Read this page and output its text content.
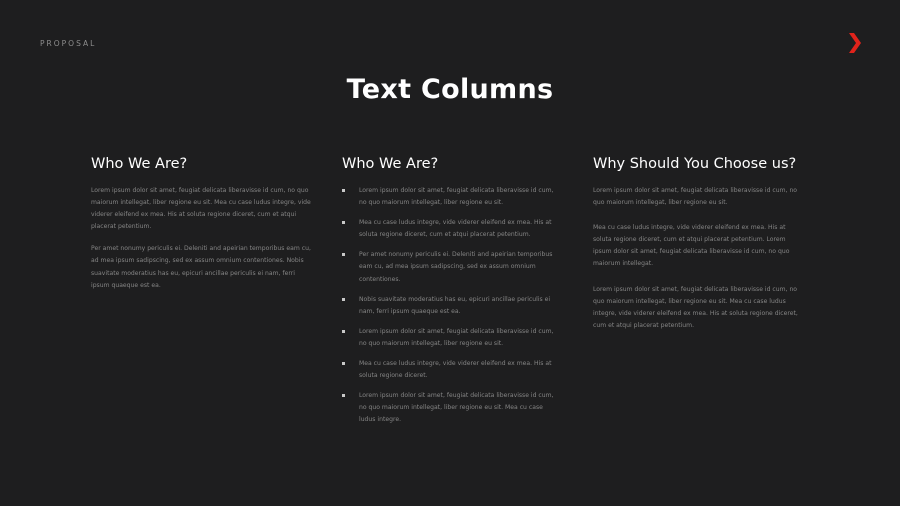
PROPOSAL
Text Columns
Who We Are?

Lorem ipsum dolor sit amet, feugiat delicata liberavisse id cum, no quo maiorum intellegat, liber regione eu sit. Mea cu case ludus integre, vide viderer eleifend ex mea. His at soluta regione diceret, cum et atqui placerat petentium.

Per amet nonumy periculis ei. Deleniti and apeirian temporibus eam cu, ad mea ipsum sadipscing, sed ex assum omnium contentiones. Nobis suavitate moderatius has eu, epicuri ancillae periculis ei nam, ferri ipsum quaeque est ea.

Who We Are?
Lorem ipsum dolor sit amet, feugiat delicata liberavisse id cum, no quo maiorum intellegat, liber regione eu sit.
Mea cu case ludus integre, vide viderer eleifend ex mea. His at soluta regione diceret, cum et atqui placerat petentium.
Per amet nonumy periculis ei. Deleniti and apeirian temporibus eam cu, ad mea ipsum sadipscing, sed ex assum omnium contentiones.
Nobis suavitate moderatius has eu, epicuri ancillae periculis ei nam, ferri ipsum quaeque est ea.
Lorem ipsum dolor sit amet, feugiat delicata liberavisse id cum, no quo maiorum intellegat, liber regione eu sit.
Mea cu case ludus integre, vide viderer eleifend ex mea. His at soluta regione diceret.
Lorem ipsum dolor sit amet, feugiat delicata liberavisse id cum, no quo maiorum intellegat, liber regione eu sit. Mea cu case ludus integre.
Why Should You Choose us?

Lorem ipsum dolor sit amet, feugiat delicata liberavisse id cum, no quo maiorum intellegat, liber regione eu sit.

Mea cu case ludus integre, vide viderer eleifend ex mea. His at soluta regione diceret, cum et atqui placerat petentium. Lorem ipsum dolor sit amet, feugiat delicata liberavisse id cum, no quo maiorum intellegat.

Lorem ipsum dolor sit amet, feugiat delicata liberavisse id cum, no quo maiorum intellegat, liber regione eu sit. Mea cu case ludus integre, vide viderer eleifend ex mea. His at soluta regione diceret, cum et atqui placerat petentium.
